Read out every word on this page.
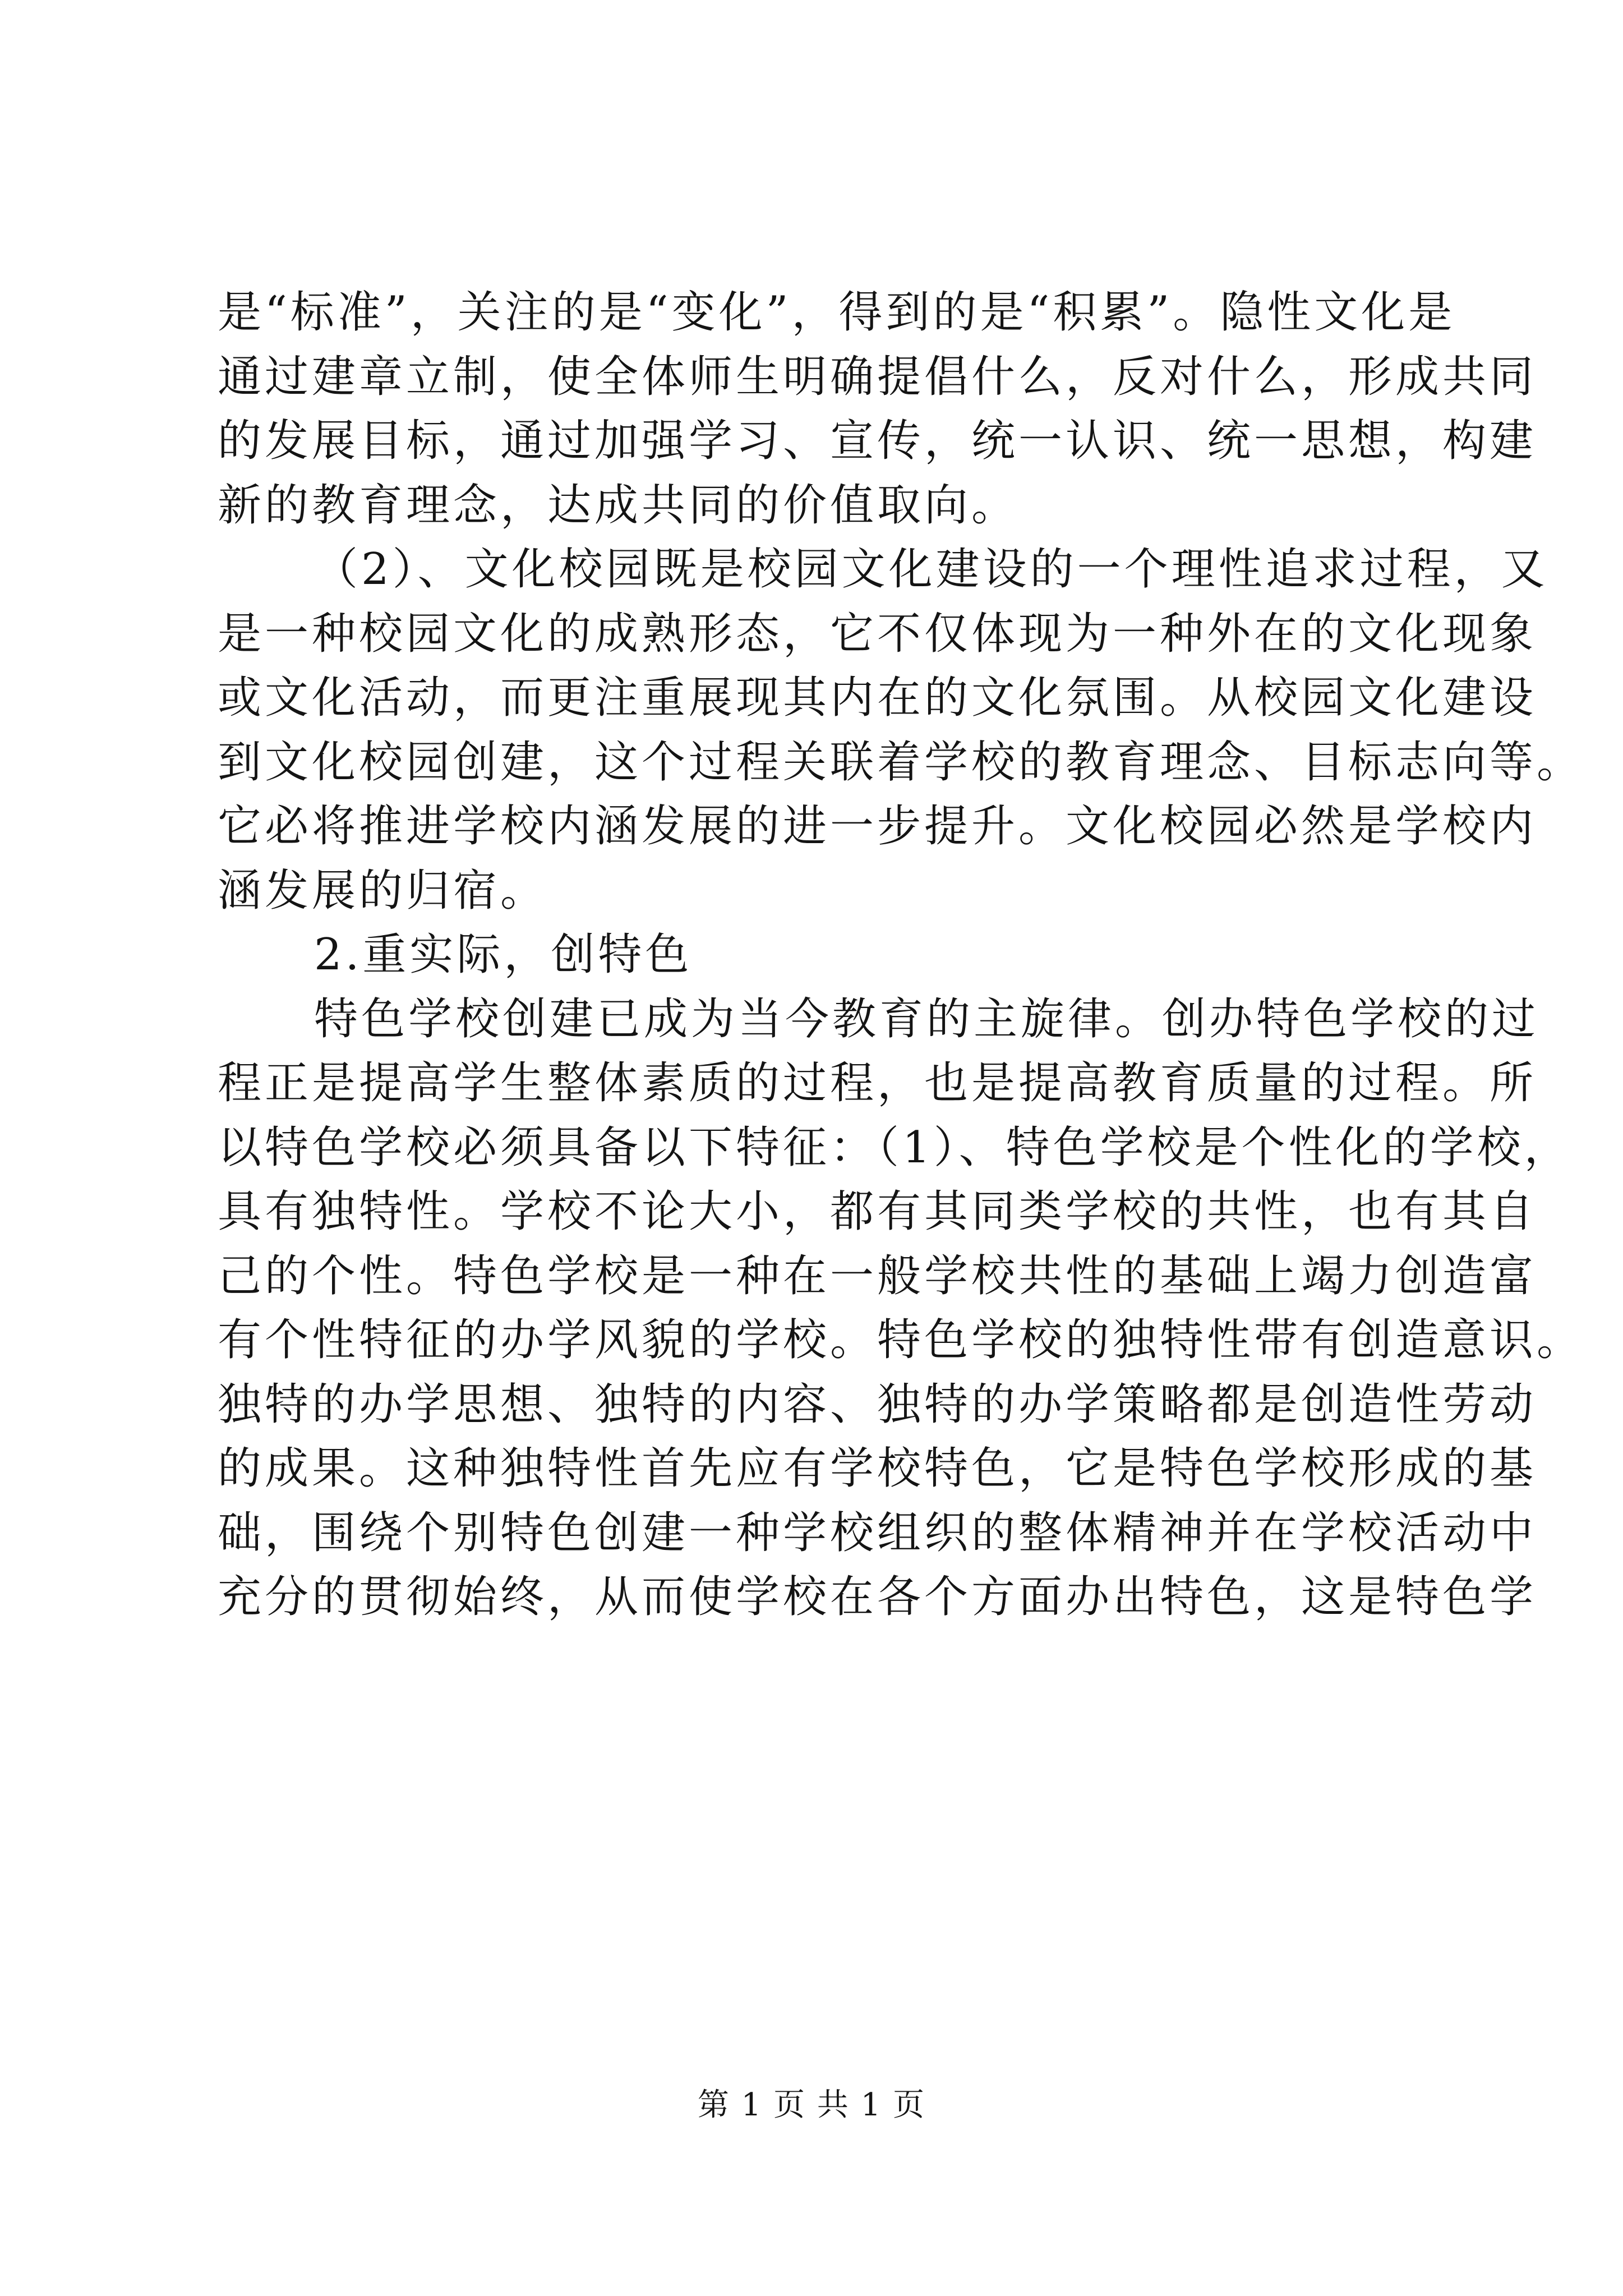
是“标准”，关注的是“变化”，得到的是“积累”。隐性文化是
通过建章立制，使全体师生明确提倡什么，反对什么，形成共同
的发展目标，通过加强学习、宣传，统一认识、统一思想，构建
新的教育理念，达成共同的价值取向。
（2）、文化校园既是校园文化建设的一个理性追求过程，又
是一种校园文化的成熟形态，它不仅体现为一种外在的文化现象
或文化活动，而更注重展现其内在的文化氛围。从校园文化建设
到文化校园创建，这个过程关联着学校的教育理念、目标志向等。
它必将推进学校内涵发展的进一步提升。文化校园必然是学校内
涵发展的归宿。
2.重实际，创特色
特色学校创建已成为当今教育的主旋律。创办特色学校的过
程正是提高学生整体素质的过程，也是提高教育质量的过程。所
以特色学校必须具备以下特征：（1）、特色学校是个性化的学校，
具有独特性。学校不论大小，都有其同类学校的共性，也有其自
己的个性。特色学校是一种在一般学校共性的基础上竭力创造富
有个性特征的办学风貌的学校。特色学校的独特性带有创造意识。
独特的办学思想、独特的内容、独特的办学策略都是创造性劳动
的成果。这种独特性首先应有学校特色，它是特色学校形成的基
础，围绕个别特色创建一种学校组织的整体精神并在学校活动中
充分的贯彻始终，从而使学校在各个方面办出特色，这是特色学
第 1 页 共 1 页
